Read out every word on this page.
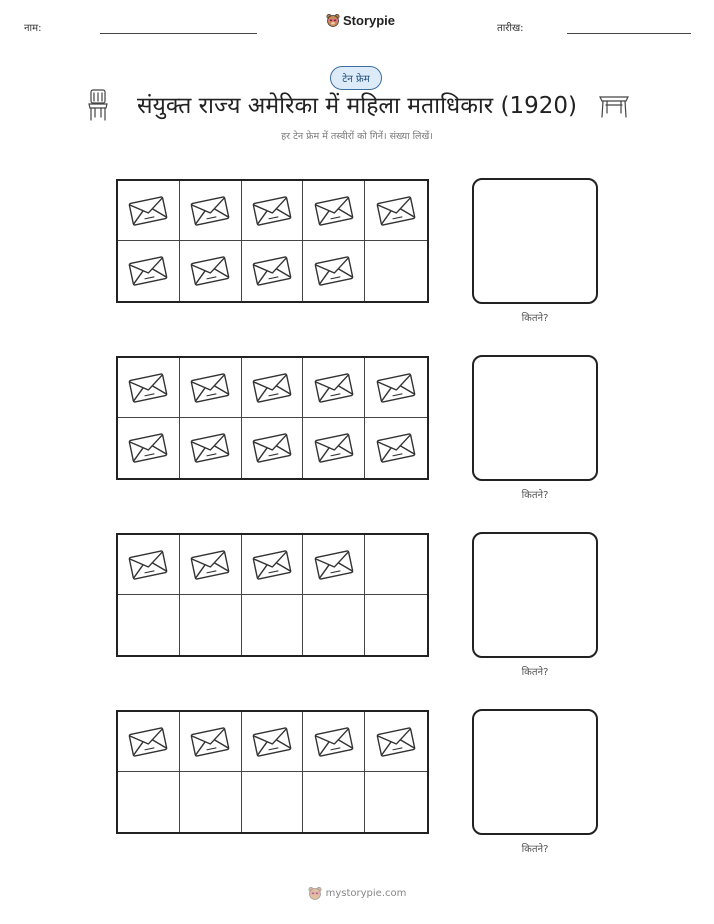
नाम:
Storypie
तारीख:
टेन फ्रेम
संयुक्त राज्य अमेरिका में महिला मताधिकार (1920)
हर टेन फ्रेम में तस्वीरों को गिनें। संख्या लिखें।
कितने?
कितने?
कितने?
कितने?
mystorypie.com
